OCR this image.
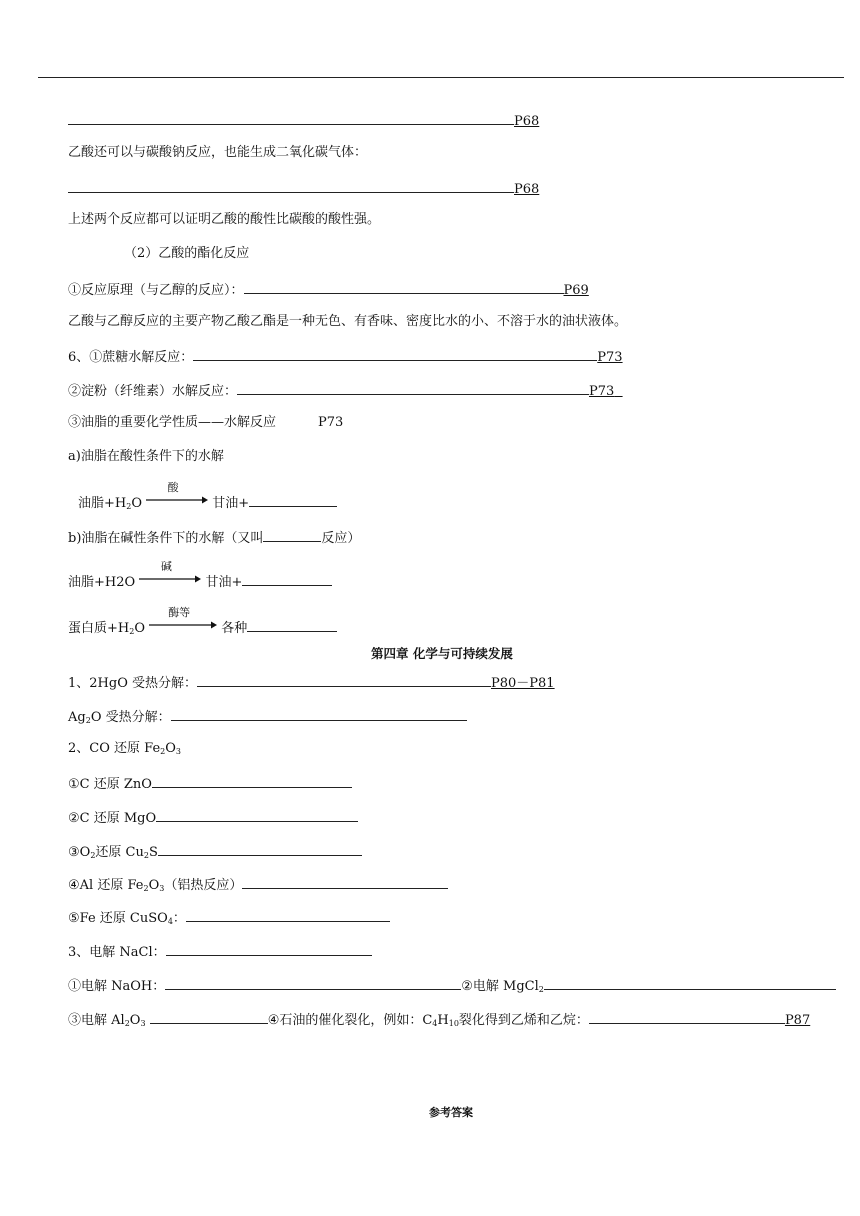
P68
乙酸还可以与碳酸钠反应，也能生成二氧化碳气体：
P68
上述两个反应都可以证明乙酸的酸性比碳酸的酸性强。
（2）乙酸的酯化反应
①反应原理（与乙醇的反应）：	P69
乙酸与乙醇反应的主要产物乙酸乙酯是一种无色、有香味、密度比水的小、不溶于水的油状液体。
6、①蔗糖水解反应：	P73
②淀粉（纤维素）水解反应：	P73
③油脂的重要化学性质——水解反应	P73
a)油脂在酸性条件下的水解
油脂$+H_2O$
酸
甘油+
b)油脂在碱性条件下的水解（又叫	反应）
油脂+H2O
碱
甘油+
蛋白质$+H_2O$
酶等
各种
第四章 化学与可持续发展
1、2HgO 受热分解：	P80－P81
$Ag_2O$ 受热分解：
2、CO 还原 $Fe_2O_3$
①C 还原 ZnO
②C 还原 MgO
$③O_2$还原 $Cu_2S$
④Al 还原 $Fe_2O_3$（铝热反应）
⑤Fe 还原 CuSO$_4$：
3、电解 NaCl：
①电解 NaOH：	②电解 MgCl$_2$
③电解 $Al_2O_3$	④石油的催化裂化，例如：$C_4H_{10}$裂化得到乙烯和乙烷：	P87
参考答案
